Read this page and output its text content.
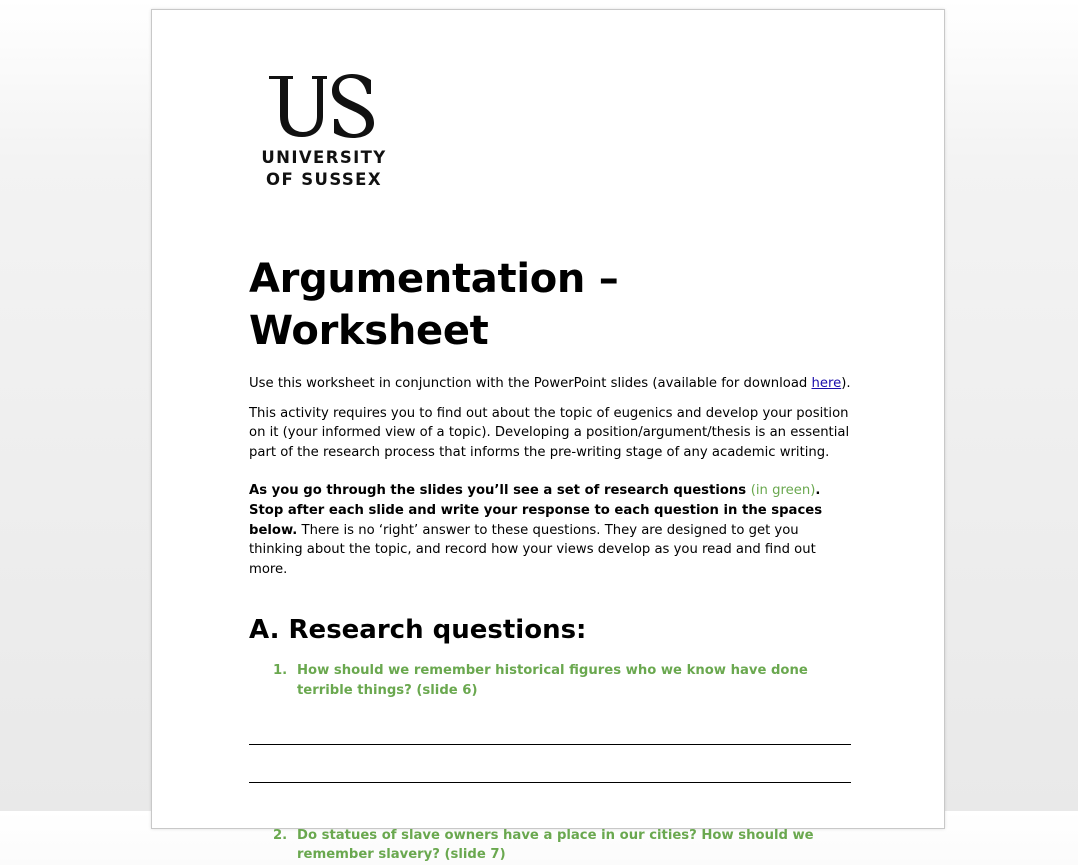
UNIVERSITY
OF SUSSEX
Argumentation – Worksheet

Use this worksheet in conjunction with the PowerPoint slides (available for download here).

This activity requires you to find out about the topic of eugenics and develop your position on it (your informed view of a topic). Developing a position/argument/thesis is an essential part of the research process that informs the pre-writing stage of any academic writing.

As you go through the slides you’ll see a set of research questions (in green). Stop after each slide and write your response to each question in the spaces below. There is no ‘right’ answer to these questions. They are designed to get you thinking about the topic, and record how your views develop as you read and find out more.

A. Research questions:
1. How should we remember historical figures who we know have done terrible things? (slide 6)
2. Do statues of slave owners have a place in our cities? How should we remember slavery? (slide 7)
